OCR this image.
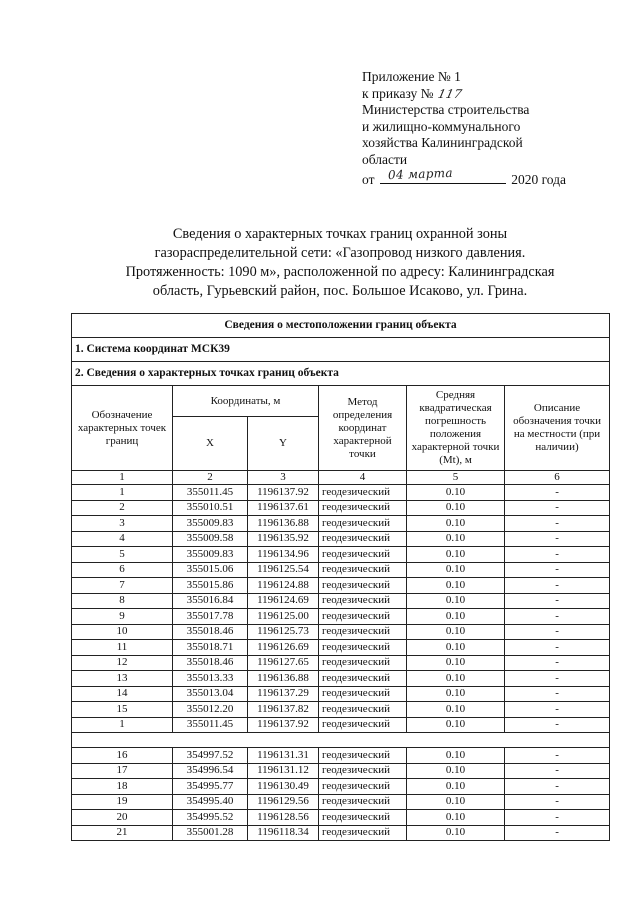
Приложение № 1
к приказу № 117
Министерства строительства
и жилищно-коммунального
хозяйства Калининградской
области
от 04 марта	2020 года
Сведения о характерных точках границ охранной зоны
газораспределительной сети: «Газопровод низкого давления.
Протяженность: 1090 м», расположенной по адресу: Калининградская
область, Гурьевский район, пос. Большое Исаково, ул. Грина.
Сведения о местоположении границ объекта					
1. Система координат МСК39					
2. Сведения о характерных точках границ объекта					
Обозначение характерных точек границ	Координаты, м		Метод определения координат характерной точки	Средняя квадратическая погрешность положения характерной точки (Mt), м	Описание обозначения точки на местности (при наличии)
	X	Y			
1	2	3	4	5	6
1	355011.45	1196137.92	геодезический	0.10	-
2	355010.51	1196137.61	геодезический	0.10	-
3	355009.83	1196136.88	геодезический	0.10	-
4	355009.58	1196135.92	геодезический	0.10	-
5	355009.83	1196134.96	геодезический	0.10	-
6	355015.06	1196125.54	геодезический	0.10	-
7	355015.86	1196124.88	геодезический	0.10	-
8	355016.84	1196124.69	геодезический	0.10	-
9	355017.78	1196125.00	геодезический	0.10	-
10	355018.46	1196125.73	геодезический	0.10	-
11	355018.71	1196126.69	геодезический	0.10	-
12	355018.46	1196127.65	геодезический	0.10	-
13	355013.33	1196136.88	геодезический	0.10	-
14	355013.04	1196137.29	геодезический	0.10	-
15	355012.20	1196137.82	геодезический	0.10	-
1	355011.45	1196137.92	геодезический	0.10	-

16	354997.52	1196131.31	геодезический	0.10	-
17	354996.54	1196131.12	геодезический	0.10	-
18	354995.77	1196130.49	геодезический	0.10	-
19	354995.40	1196129.56	геодезический	0.10	-
20	354995.52	1196128.56	геодезический	0.10	-
21	355001.28	1196118.34	геодезический	0.10	-
